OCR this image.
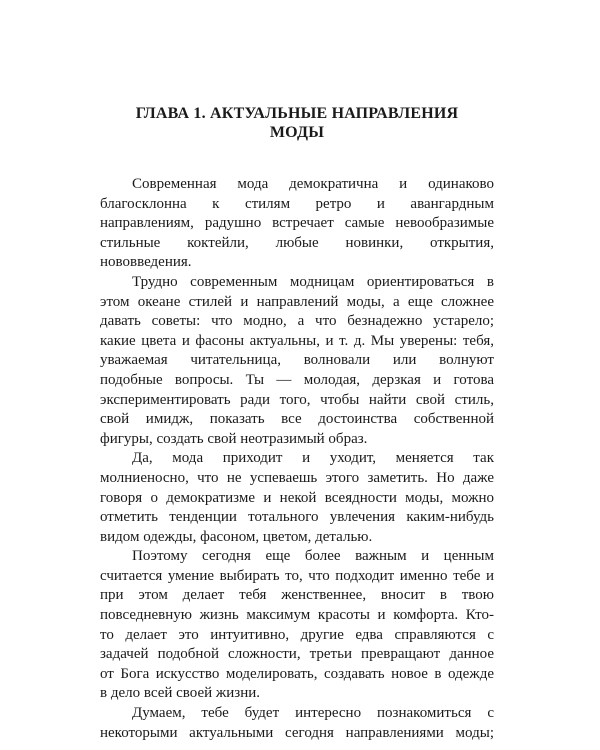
ГЛАВА 1. АКТУАЛЬНЫЕ НАПРАВЛЕНИЯ
МОДЫ

Современная мода демократична и одинаково
благосклонна к стилям ретро и авангардным
направлениям, радушно встречает самые невообразимые
стильные коктейли, любые новинки, открытия,
нововведения.

Трудно современным модницам ориентироваться в
этом океане стилей и направлений моды, а еще сложнее
давать советы: что модно, а что безнадежно устарело;
какие цвета и фасоны актуальны, и т. д. Мы уверены: тебя,
уважаемая читательница, волновали или волнуют
подобные вопросы. Ты — молодая, дерзкая и готова
экспериментировать ради того, чтобы найти свой стиль,
свой имидж, показать все достоинства собственной
фигуры, создать свой неотразимый образ.

Да, мода приходит и уходит, меняется так
молниеносно, что не успеваешь этого заметить. Но даже
говоря о демократизме и некой всеядности моды, можно
отметить тенденции тотального увлечения каким-нибудь
видом одежды, фасоном, цветом, деталью.

Поэтому сегодня еще более важным и ценным
считается умение выбирать то, что подходит именно тебе и
при этом делает тебя женственнее, вносит в твою
повседневную жизнь максимум красоты и комфорта. Кто-
то делает это интуитивно, другие едва справляются с
задачей подобной сложности, третьи превращают данное
от Бога искусство моделировать, создавать новое в одежде
в дело всей своей жизни.

Думаем, тебе будет интересно познакомиться с
некоторыми актуальными сегодня направлениями моды;
